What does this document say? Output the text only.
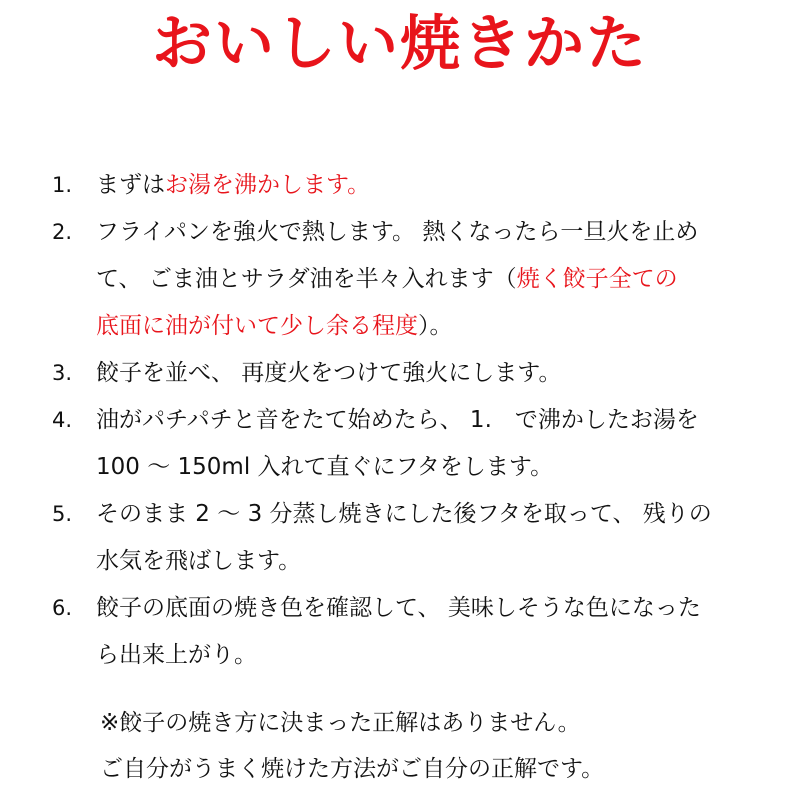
おいしい焼きかた
1.	まずはお湯を沸かします。
2.	フライパンを強火で熱します。 熱くなったら一旦火を止め
て、 ごま油とサラダ油を半々入れます（焼く餃子全ての
底面に油が付いて少し余る程度）。
3.	餃子を並べ、 再度火をつけて強火にします。
4.	油がパチパチと音をたて始めたら、 1.　で沸かしたお湯を
100 〜 150ml 入れて直ぐにフタをします。
5.	そのまま 2 〜 3 分蒸し焼きにした後フタを取って、 残りの
水気を飛ばします。
6.	餃子の底面の焼き色を確認して、 美味しそうな色になった
ら出来上がり。
※餃子の焼き方に決まった正解はありません。
ご自分がうまく焼けた方法がご自分の正解です。
